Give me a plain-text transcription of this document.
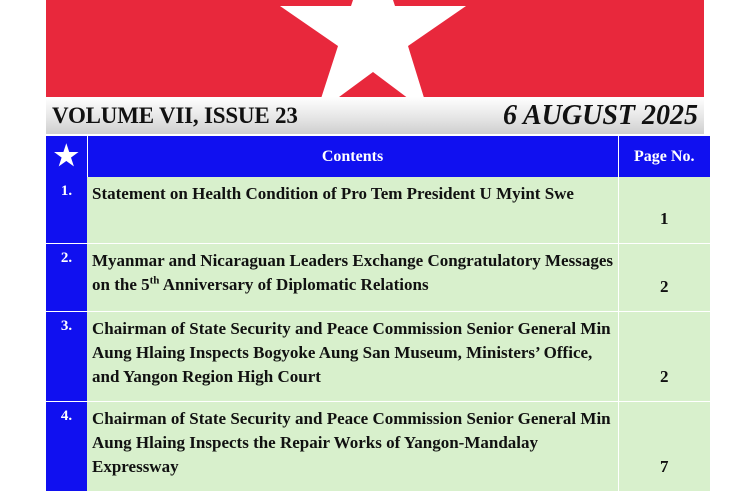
VOLUME VII, ISSUE 23	6 AUGUST 2025
★	Contents	Page No.
1.	Statement on Health Condition of Pro Tem President U Myint Swe	1
2.	Myanmar and Nicaraguan Leaders Exchange Congratulatory Messages on the 5th Anniversary of Diplomatic Relations	2
3.	Chairman of State Security and Peace Commission Senior General Min Aung Hlaing Inspects Bogyoke Aung San Museum, Ministers’ Office, and Yangon Region High Court	2
4.	Chairman of State Security and Peace Commission Senior General Min Aung Hlaing Inspects the Repair Works of Yangon-Mandalay Expressway	7
